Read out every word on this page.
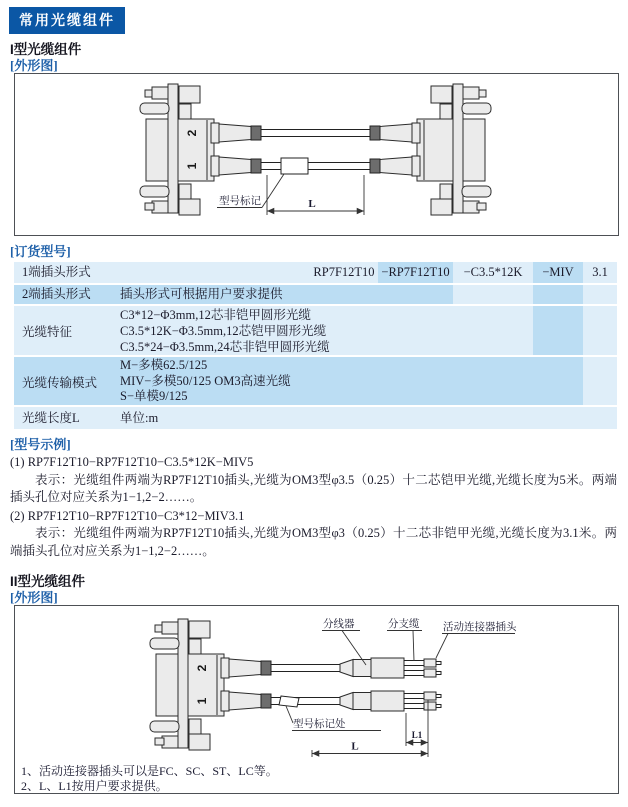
常用光缆组件
I型光缆组件
[外形图]
2
1
型号标记	L
[订货型号]
1端插头形式	RP7F12T10 −RP7F12T10	−C3.5*12K	−MIV	3.1
2端插头形式 插头形式可根据用户要求提供
光缆特征
C3*12−Φ3mm,12芯非铠甲圆形光缆
C3.5*12K−Φ3.5mm,12芯铠甲圆形光缆
C3.5*24−Φ3.5mm,24芯非铠甲圆形光缆
光缆传输模式
M−多模62.5/125
MIV−多模50/125 OM3高速光缆
S−单模9/125
光缆长度L	单位:m
[型号示例]

(1) RP7F12T10−RP7F12T10−C3.5*12K−MIV5

表示：光缆组件两端为RP7F12T10插头,光缆为OM3型φ3.5（0.25）十二芯铠甲光缆,光缆长度为5米。两端插头孔位对应关系为1−1,2−2……。

(2) RP7F12T10−RP7F12T10−C3*12−MIV3.1

表示：光缆组件两端为RP7F12T10插头,光缆为OM3型φ3（0.25）十二芯非铠甲光缆,光缆长度为3.1米。两端插头孔位对应关系为1−1,2−2……。

II型光缆组件
[外形图]
2
1
分线器	分支缆 活动连接器插头
型号标记处
L1
L
1、活动连接器插头可以是FC、SC、ST、LC等。
2、L、L1按用户要求提供。
